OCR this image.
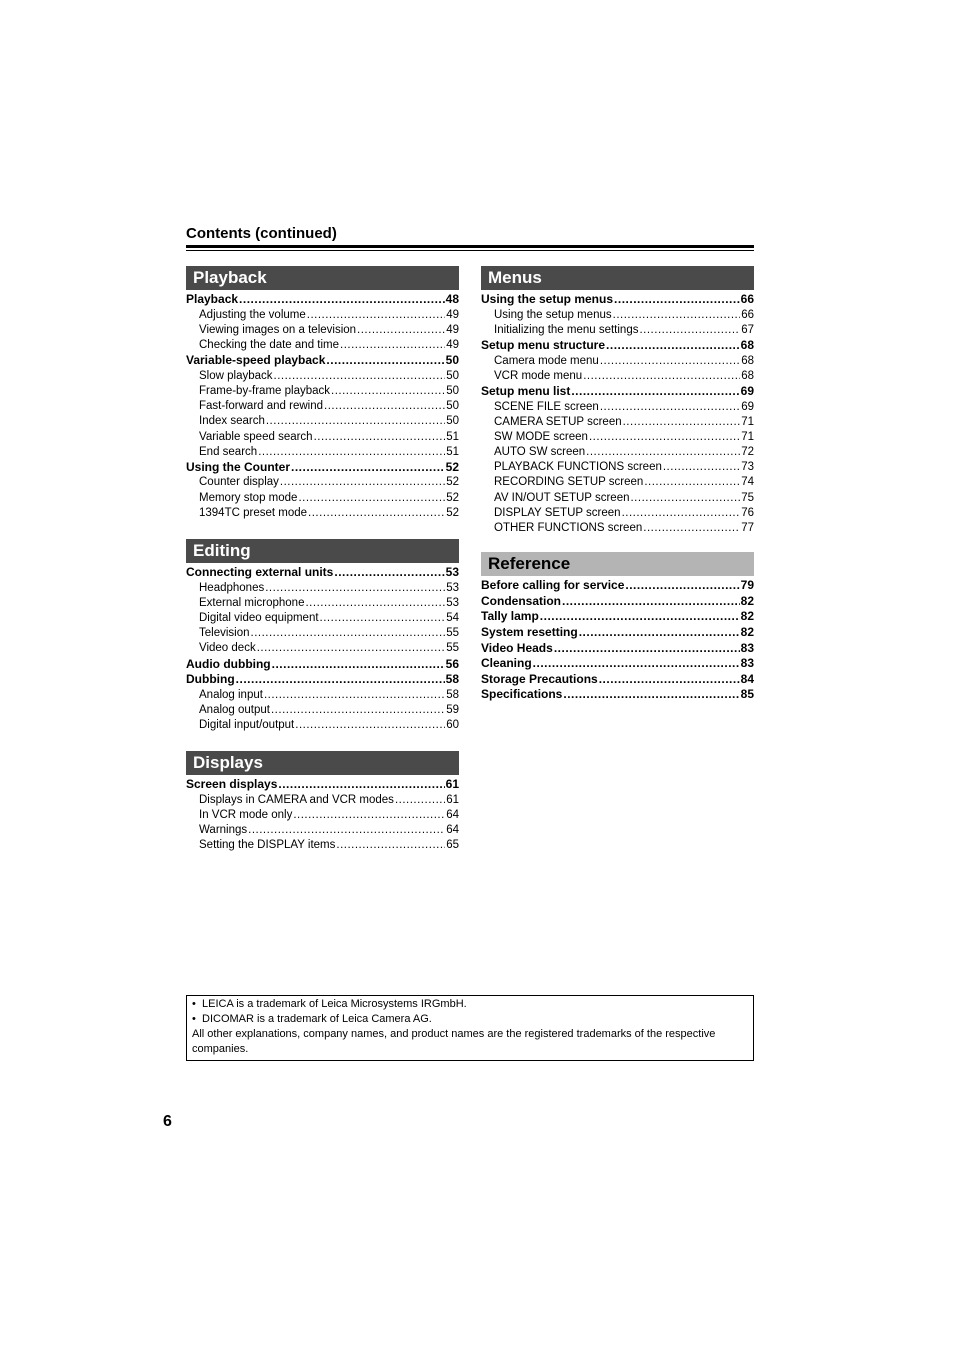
Contents (continued)
Playback
Playback .....	48
Adjusting the volume .....	49
Viewing images on a television .....	49
Checking the date and time .....	49
Variable-speed playback .....	50
Slow playback .....	50
Frame-by-frame playback .....	50
Fast-forward and rewind .....	50
Index search .....	50
Variable speed search .....	51
End search .....	51
Using the Counter .....	52
Counter display .....	52
Memory stop mode .....	52
1394TC preset mode .....	52
Editing
Connecting external units .....	53
Headphones .....	53
External microphone .....	53
Digital video equipment .....	54
Television .....	55
Video deck .....	55
Audio dubbing .....	56
Dubbing .....	58
Analog input .....	58
Analog output .....	59
Digital input/output .....	60
Displays
Screen displays .....	61
Displays in CAMERA and VCR modes .....	61
In VCR mode only .....	64
Warnings .....	64
Setting the DISPLAY items .....	65
Menus
Using the setup menus .....	66
Using the setup menus .....	66
Initializing the menu settings .....	67
Setup menu structure .....	68
Camera mode menu .....	68
VCR mode menu .....	68
Setup menu list .....	69
SCENE FILE screen .....	69
CAMERA SETUP screen .....	71
SW MODE screen .....	71
AUTO SW screen .....	72
PLAYBACK FUNCTIONS screen .....	73
RECORDING SETUP screen .....	74
AV IN/OUT SETUP screen .....	75
DISPLAY SETUP screen .....	76
OTHER FUNCTIONS screen .....	77
Reference
Before calling for service .....	79
Condensation .....	82
Tally lamp .....	82
System resetting .....	82
Video Heads .....	83
Cleaning .....	83
Storage Precautions .....	84
Specifications .....	85
• LEICA is a trademark of Leica Microsystems IRGmbH.
• DICOMAR is a trademark of Leica Camera AG.
All other explanations, company names, and product names are the registered trademarks of the respective companies.
6
